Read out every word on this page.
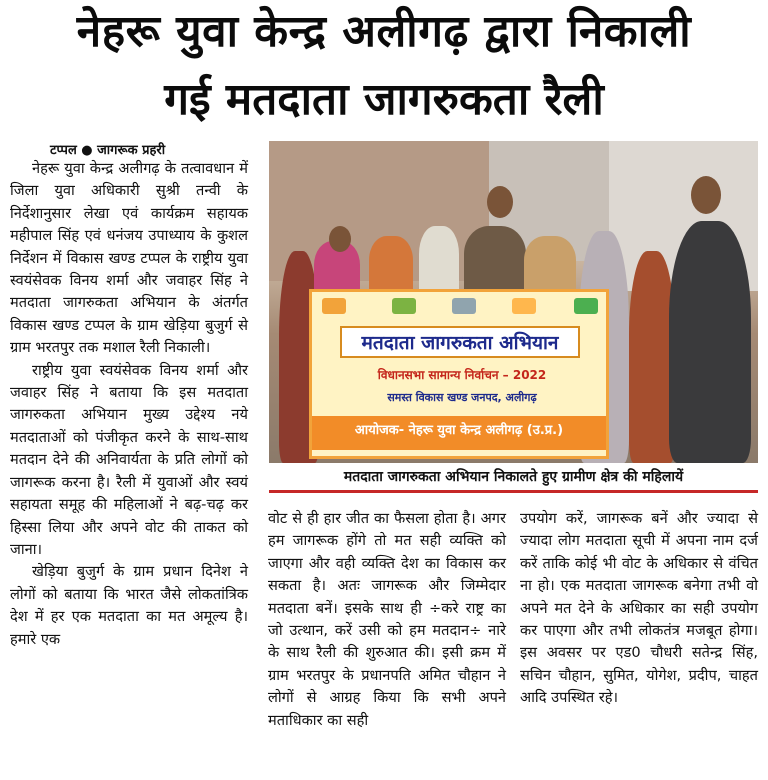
नेहरू युवा केन्द्र अलीगढ़ द्वारा निकाली
गई मतदाता जागरुकता रैली
टप्पल ● जागरूक प्रहरी

नेहरू युवा केन्द्र अलीगढ़ के तत्वावधान में जिला युवा अधिकारी सुश्री तन्वी के निर्देशानुसार लेखा एवं कार्यक्रम सहायक महीपाल सिंह एवं धनंजय उपाध्याय के कुशल निर्देशन में विकास खण्ड टप्पल के राष्ट्रीय युवा स्वयंसेवक विनय शर्मा और जवाहर सिंह ने मतदाता जागरुकता अभियान के अंतर्गत विकास खण्ड टप्पल के ग्राम खेड़िया बुजुर्ग से ग्राम भरतपुर तक मशाल रैली निकाली।

राष्ट्रीय युवा स्वयंसेवक विनय शर्मा और जवाहर सिंह ने बताया कि इस मतदाता जागरुकता अभियान मुख्य उद्देश्य नये मतदाताओं को पंजीकृत करने के साथ-साथ मतदान देने की अनिवार्यता के प्रति लोगों को जागरूक करना है। रैली में युवाओं और स्वयं सहायता समूह की महिलाओं ने बढ़-चढ़ कर हिस्सा लिया और अपने वोट की ताकत को जाना।

खेड़िया बुजुर्ग के ग्राम प्रधान दिनेश ने लोगों को बताया कि भारत जैसे लोकतांत्रिक देश में हर एक मतदाता का मत अमूल्य है। हमारे एक

मतदाता जागरुकता अभियान
विधानसभा सामान्य निर्वाचन – 2022
समस्त विकास खण्ड जनपद, अलीगढ़
आयोजक- नेहरू युवा केन्द्र अलीगढ़ (उ.प्र.)
मतदाता जागरुकता अभियान निकालते हुए ग्रामीण क्षेत्र की महिलायें

वोट से ही हार जीत का फैसला होता है। अगर हम जागरूक होंगे तो मत सही व्यक्ति को जाएगा और वही व्यक्ति देश का विकास कर सकता है। अतः जागरूक और जिम्मेदार मतदाता बनें। इसके साथ ही ÷करे राष्ट्र का जो उत्थान, करें उसी को हम मतदान÷ नारे के साथ रैली की शुरुआत की। इसी क्रम में ग्राम भरतपुर के प्रधानपति अमित चौहान ने लोगों से आग्रह किया कि सभी अपने मताधिकार का सही

उपयोग करें, जागरूक बनें और ज्यादा से ज्यादा लोग मतदाता सूची में अपना नाम दर्ज करें ताकि कोई भी वोट के अधिकार से वंचित ना हो। एक मतदाता जागरूक बनेगा तभी वो अपने मत देने के अधिकार का सही उपयोग कर पाएगा और तभी लोकतंत्र मजबूत होगा। इस अवसर पर एड0 चौधरी सतेन्द्र सिंह, सचिन चौहान, सुमित, योगेश, प्रदीप, चाहत आदि उपस्थित रहे।
